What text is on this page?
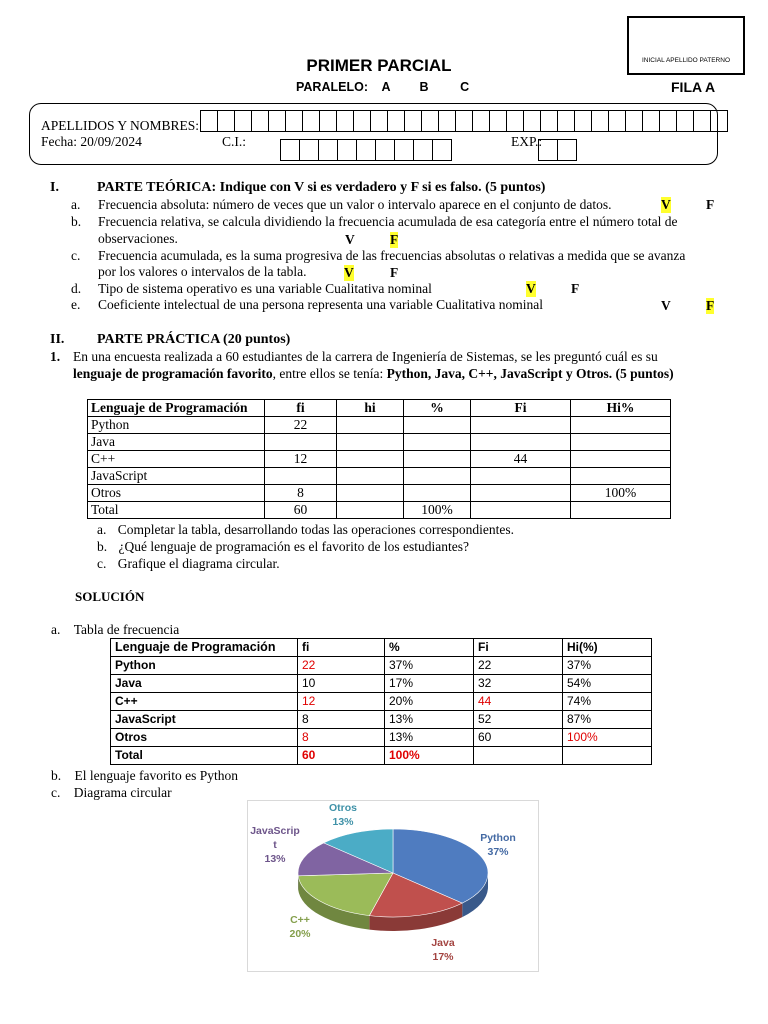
INICIAL APELLIDO PATERNO
PRIMER PARCIAL
PARALELO: A B	C	FILA A
APELLIDOS Y NOMBRES:
Fecha: 20/09/2024	C.I.:	EXP.:
I.	PARTE TEÓRICA: Indique con V si es verdadero y F si es falso. (5 puntos)
a. Frecuencia absoluta: número de veces que un valor o intervalo aparece en el conjunto de datos.	V	F
b. Frecuencia relativa, se calcula dividiendo la frecuencia acumulada de esa categoría entre el número total de
observaciones.	V	F
c. Frecuencia acumulada, es la suma progresiva de las frecuencias absolutas o relativas a medida que se avanza
por los valores o intervalos de la tabla.	V	F
d. Tipo de sistema operativo es una variable Cualitativa nominal	V	F
e. Coeficiente intelectual de una persona representa una variable Cualitativa nominal	V	F
II. PARTE PRÁCTICA (20 puntos)
1. En una encuesta realizada a 60 estudiantes de la carrera de Ingeniería de Sistemas, se les preguntó cuál es su
lenguaje de programación favorito, entre ellos se tenía: Python, Java, C++, JavaScript y Otros. (5 puntos)
Lenguaje de Programación	fi	hi	%	Fi	Hi%
Python	22				
Java					
C++	12			44	
JavaScript					
Otros	8				100%
Total	60		100%		
a. Completar la tabla, desarrollando todas las operaciones correspondientes.
b. ¿Qué lenguaje de programación es el favorito de los estudiantes?
c. Grafique el diagrama circular.
SOLUCIÓN
a. Tabla de frecuencia
Lenguaje de Programación	fi	%	Fi	Hi(%)
Python	22	37%	22	37%
Java	10	17%	32	54%
C++	12	20%	44	74%
JavaScript	8	13%	52	87%
Otros	8	13%	60	100%
Total	60	100%		
b. El lenguaje favorito es Python
c. Diagrama circular
Python 37%
Java 17%
C++ 20%
JavaScrip t 13%
Otros 13%
